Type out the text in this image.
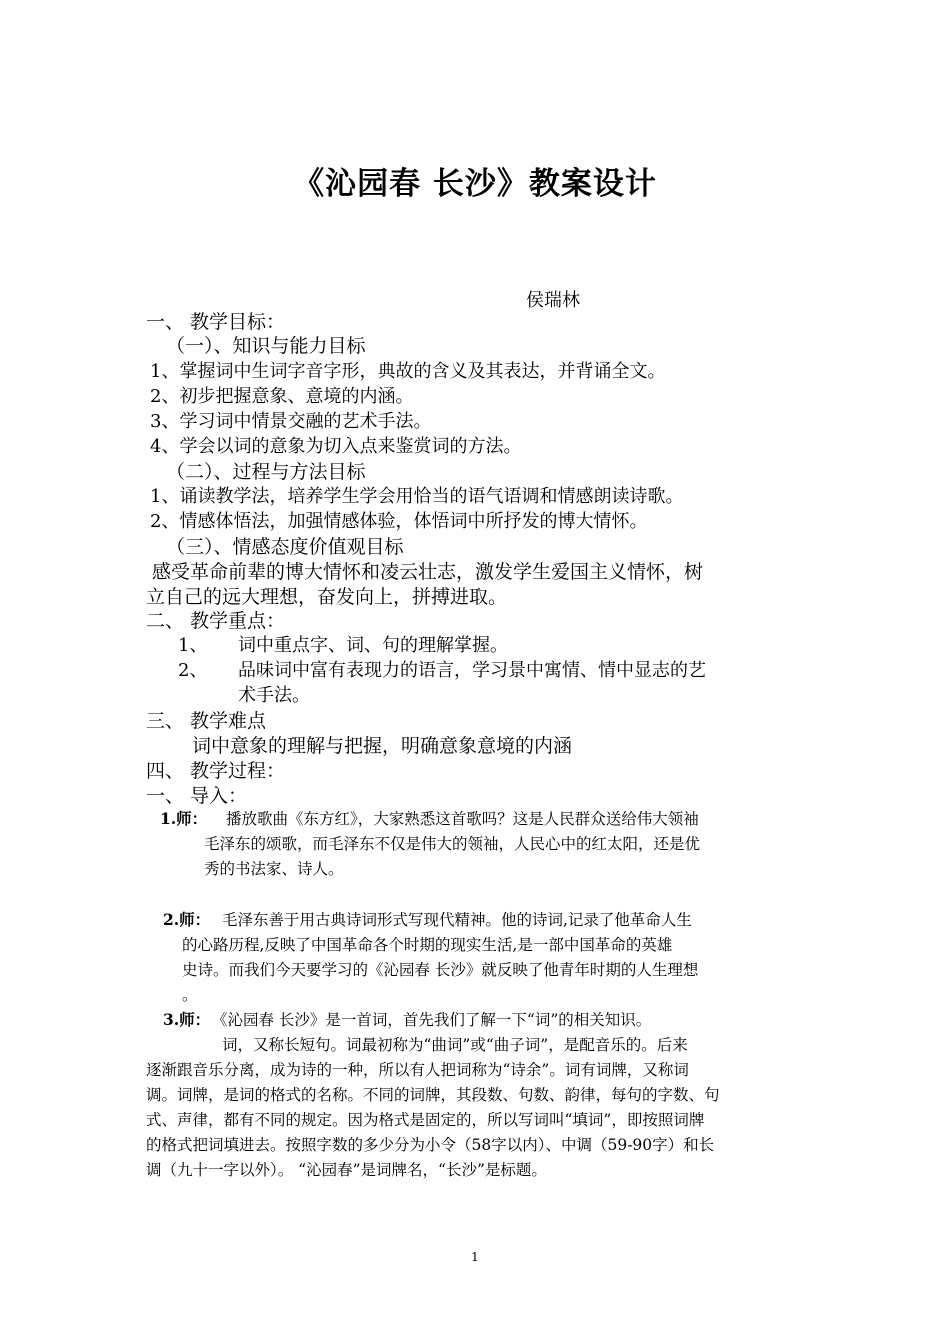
《沁园春 长沙》教案设计
侯瑞林
一、 教学目标：
（一）、知识与能力目标
1、掌握词中生词字音字形，典故的含义及其表达，并背诵全文。
2、初步把握意象、意境的内涵。
3、学习词中情景交融的艺术手法。
4、学会以词的意象为切入点来鉴赏词的方法。
（二）、过程与方法目标
1、诵读教学法，培养学生学会用恰当的语气语调和情感朗读诗歌。
2、情感体悟法，加强情感体验，体悟词中所抒发的博大情怀。
（三）、情感态度价值观目标
感受革命前辈的博大情怀和凌云壮志，激发学生爱国主义情怀，树
立自己的远大理想，奋发向上，拼搏进取。
二、 教学重点：
1、 词中重点字、词、句的理解掌握。
2、 品味词中富有表现力的语言，学习景中寓情、情中显志的艺
术手法。
三、 教学难点
词中意象的理解与把握，明确意象意境的内涵
四、 教学过程：
一、 导入：
1.师： 播放歌曲《东方红》，大家熟悉这首歌吗？这是人民群众送给伟大领袖
毛泽东的颂歌，而毛泽东不仅是伟大的领袖，人民心中的红太阳，还是优
秀的书法家、诗人。
2.师： 毛泽东善于用古典诗词形式写现代精神。他的诗词,记录了他革命人生
的心路历程,反映了中国革命各个时期的现实生活,是一部中国革命的英雄
史诗。而我们今天要学习的《沁园春 长沙》就反映了他青年时期的人生理想
。
3.师： 《沁园春 长沙》是一首词，首先我们了解一下“词”的相关知识。
词，又称长短句。词最初称为“曲词”或“曲子词”，是配音乐的。后来
逐渐跟音乐分离，成为诗的一种，所以有人把词称为“诗余”。词有词牌，又称词
调。词牌，是词的格式的名称。不同的词牌，其段数、句数、韵律，每句的字数、句
式、声律，都有不同的规定。因为格式是固定的，所以写词叫“填词”，即按照词牌
的格式把词填进去。按照字数的多少分为小令（58字以内）、中调（59-90字）和长
调（九十一字以外）。 “沁园春”是词牌名，“长沙”是标题。
1
